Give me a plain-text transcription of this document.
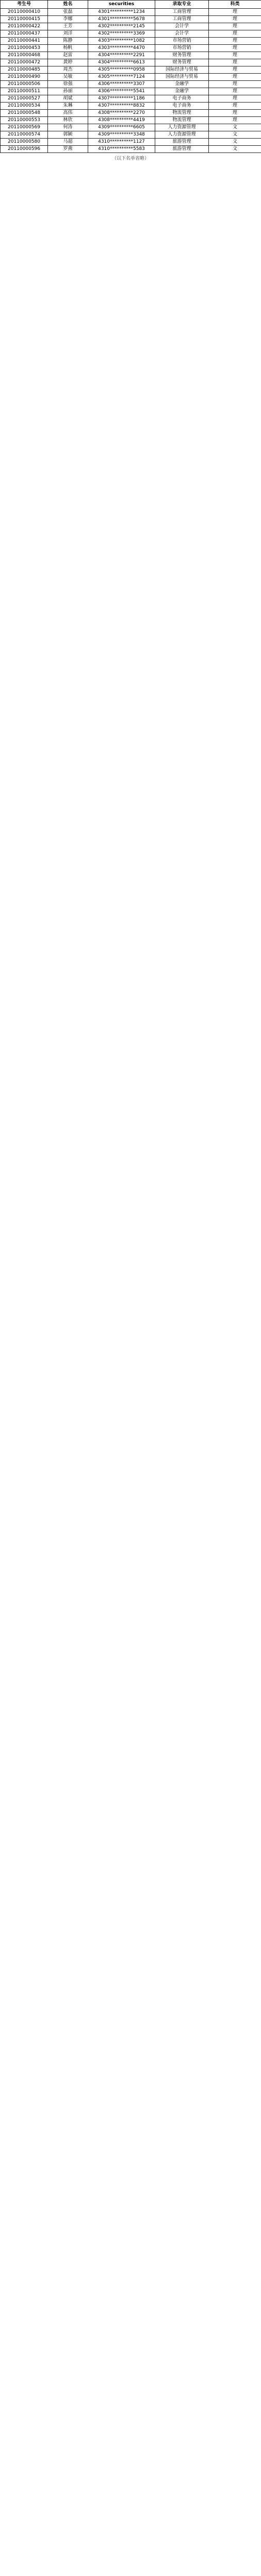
考生号	姓名	securities	录取专业	科类
20110000410	张磊	4301**********1234	工商管理	理
20110000415	李娜	4301**********5678	工商管理	理
20110000422	王芳	4302**********2145	会计学	理
20110000437	刘洋	4302**********3369	会计学	理
20110000441	陈静	4303**********1082	市场营销	理
20110000453	杨帆	4303**********4470	市场营销	理
20110000468	赵雷	4304**********2291	财务管理	理
20110000472	黄婷	4304**********6613	财务管理	理
20110000485	周杰	4305**********0958	国际经济与贸易	理
20110000490	吴敏	4305**********7124	国际经济与贸易	理
20110000506	徐强	4306**********3307	金融学	理
20110000511	孙丽	4306**********5541	金融学	理
20110000527	胡斌	4307**********1186	电子商务	理
20110000534	朱琳	4307**********8832	电子商务	理
20110000548	高伟	4308**********2270	物流管理	理
20110000553	林欣	4308**********4419	物流管理	理
20110000569	何涛	4309**********6605	人力资源管理	文
20110000574	郭颖	4309**********3348	人力资源管理	文
20110000580	马超	4310**********1127	旅游管理	文
20110000596	罗燕	4310**********5583	旅游管理	文
（以下名单省略）
